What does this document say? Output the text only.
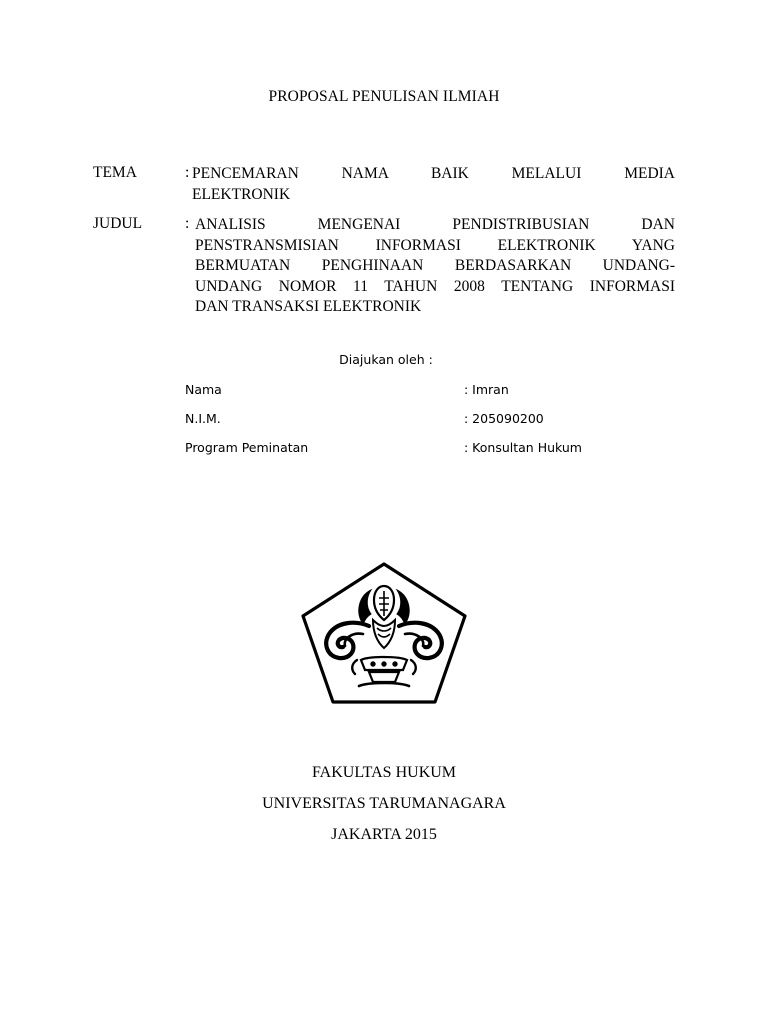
PROPOSAL PENULISAN ILMIAH
TEMA	: PENCEMARAN NAMA BAIK MELALUI MEDIA
ELEKTRONIK
JUDUL	: ANALISIS MENGENAI PENDISTRIBUSIAN DAN
PENSTRANSMISIAN INFORMASI ELEKTRONIK YANG
BERMUATAN PENGHINAAN BERDASARKAN UNDANG-
UNDANG NOMOR 11 TAHUN 2008 TENTANG INFORMASI
DAN TRANSAKSI ELEKTRONIK
Diajukan oleh :
Nama	: Imran
N.I.M.	: 205090200
Program Peminatan	: Konsultan Hukum
FAKULTAS HUKUM
UNIVERSITAS TARUMANAGARA
JAKARTA 2015
